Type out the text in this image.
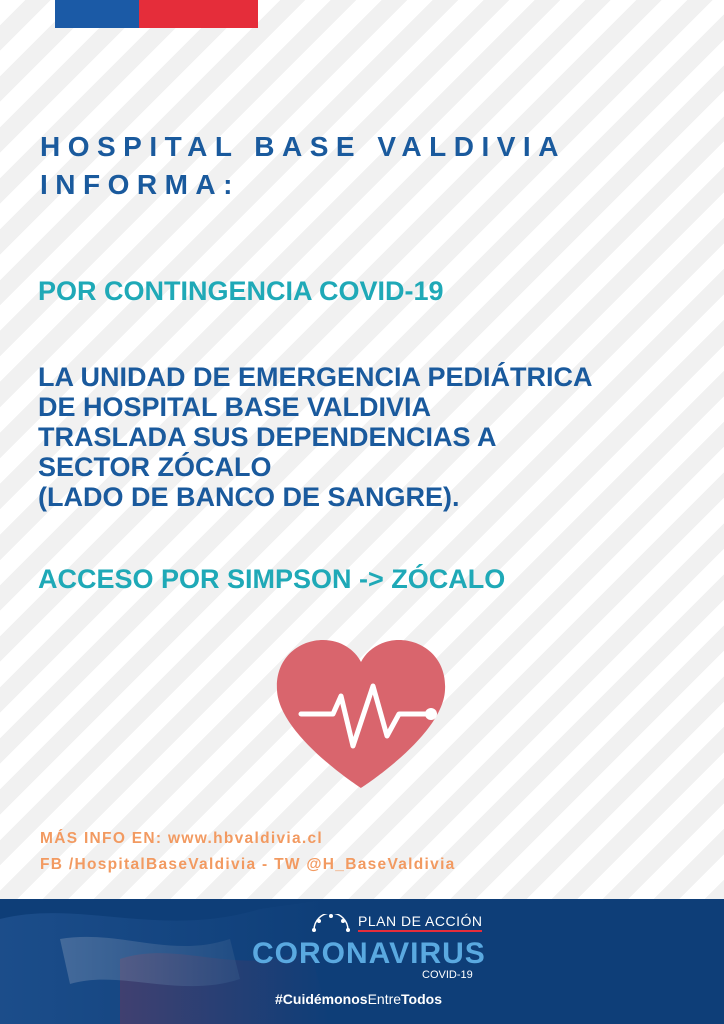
HOSPITAL BASE VALDIVIA
INFORMA:
POR CONTINGENCIA COVID-19
LA UNIDAD DE EMERGENCIA PEDIÁTRICA
DE HOSPITAL BASE VALDIVIA
TRASLADA SUS DEPENDENCIAS A
SECTOR ZÓCALO
(LADO DE BANCO DE SANGRE).
ACCESO POR SIMPSON -> ZÓCALO
MÁS INFO EN: www.hbvaldivia.cl
FB /HospitalBaseValdivia - TW @H_BaseValdivia
PLAN DE ACCIÓN
CORONAVIRUS
COVID-19
#CuidémonosEntreTodos
